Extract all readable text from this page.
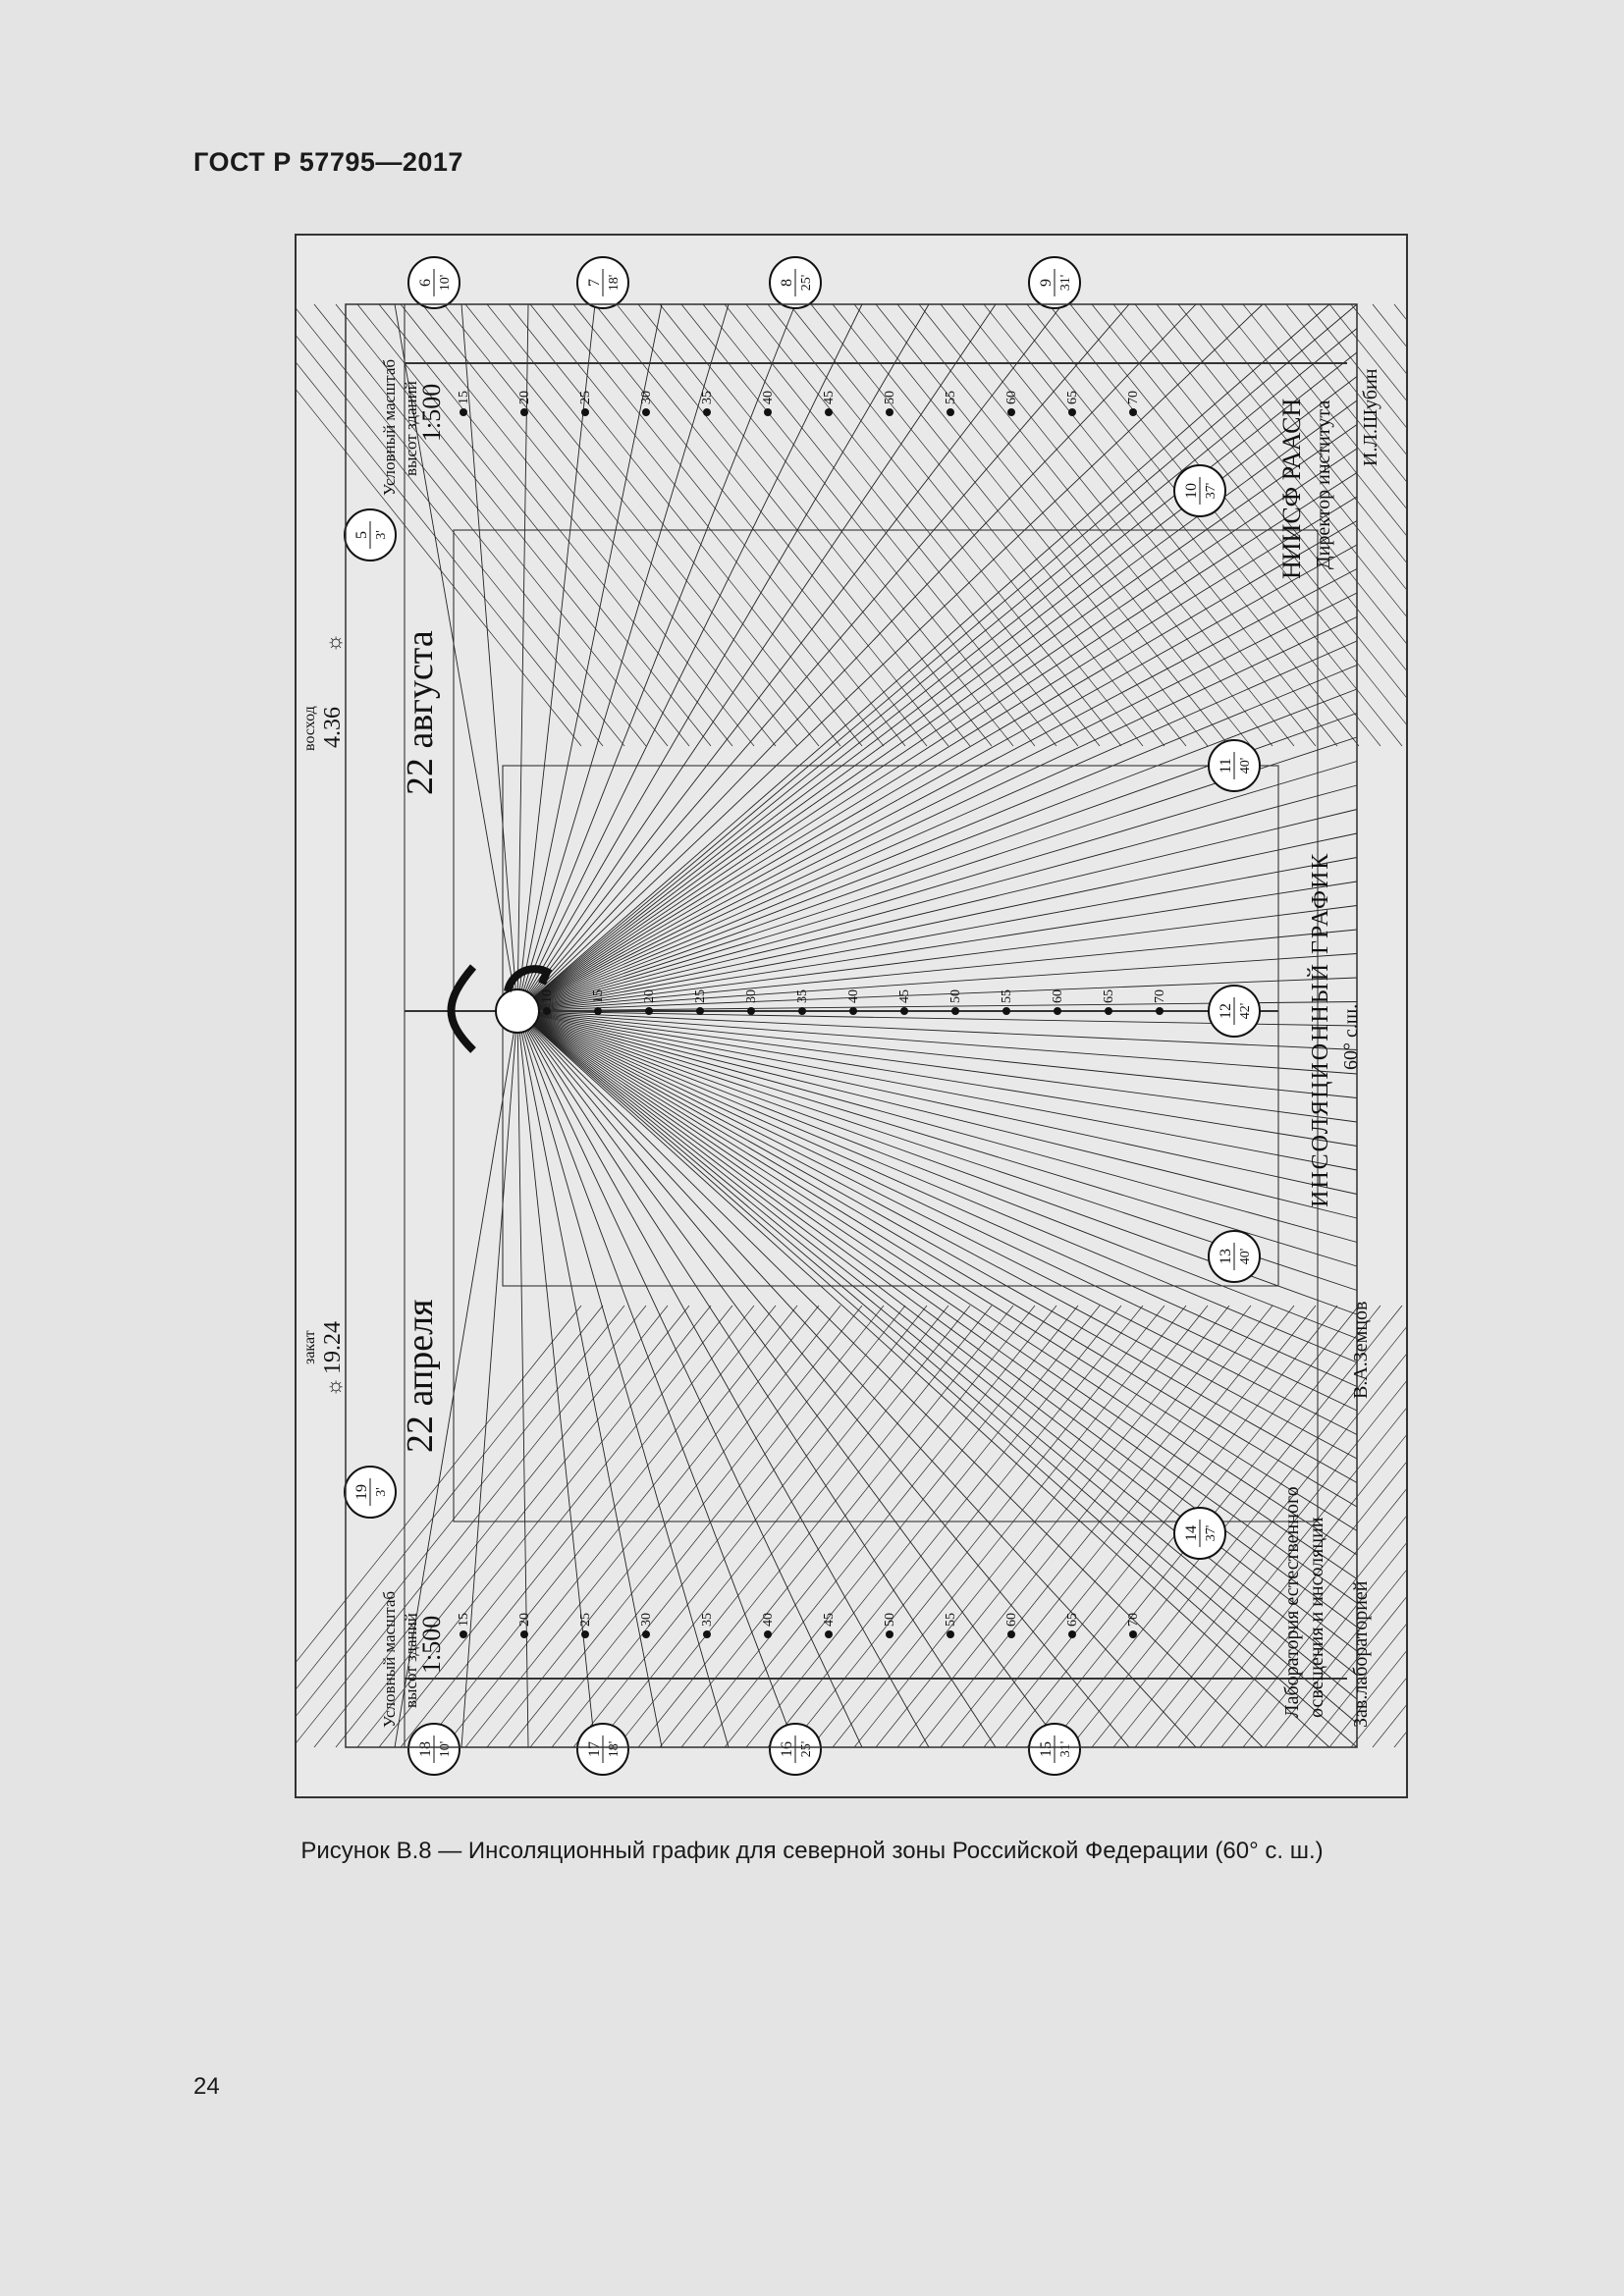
ГОСТ Р 57795—2017
10	15
15
15
20
20
20
25
25
25
30
30
30
35
35
35
40
40
40
45
45
45
50
50
50
55
55
55
60
60
60
65
65
65
70
70
70
6 10'	7 18'	8 25'	9 31'
10 37'
11 40'
12 42'
13 40'
14 37'
15 31'
16 25'
17 18'
18 10'
5 3'
19 3'
ИНСОЛЯЦИОННЫЙ ГРАФИК 60° с.ш.
НИИСФ РААСН Директор института И.Л.Шубин
Лаборатория естественного освещения и инсоляции Зав.лабораторией
В.А.Земцов
Условный масштаб высот зданий
1:500
Условный масштаб высот зданий
1:500
восход 4.36
закат 19.24
☼
☼
22 августа
22 апреля
Рисунок В.8 — Инсоляционный график для северной зоны Российской Федерации (60° с. ш.)
24
